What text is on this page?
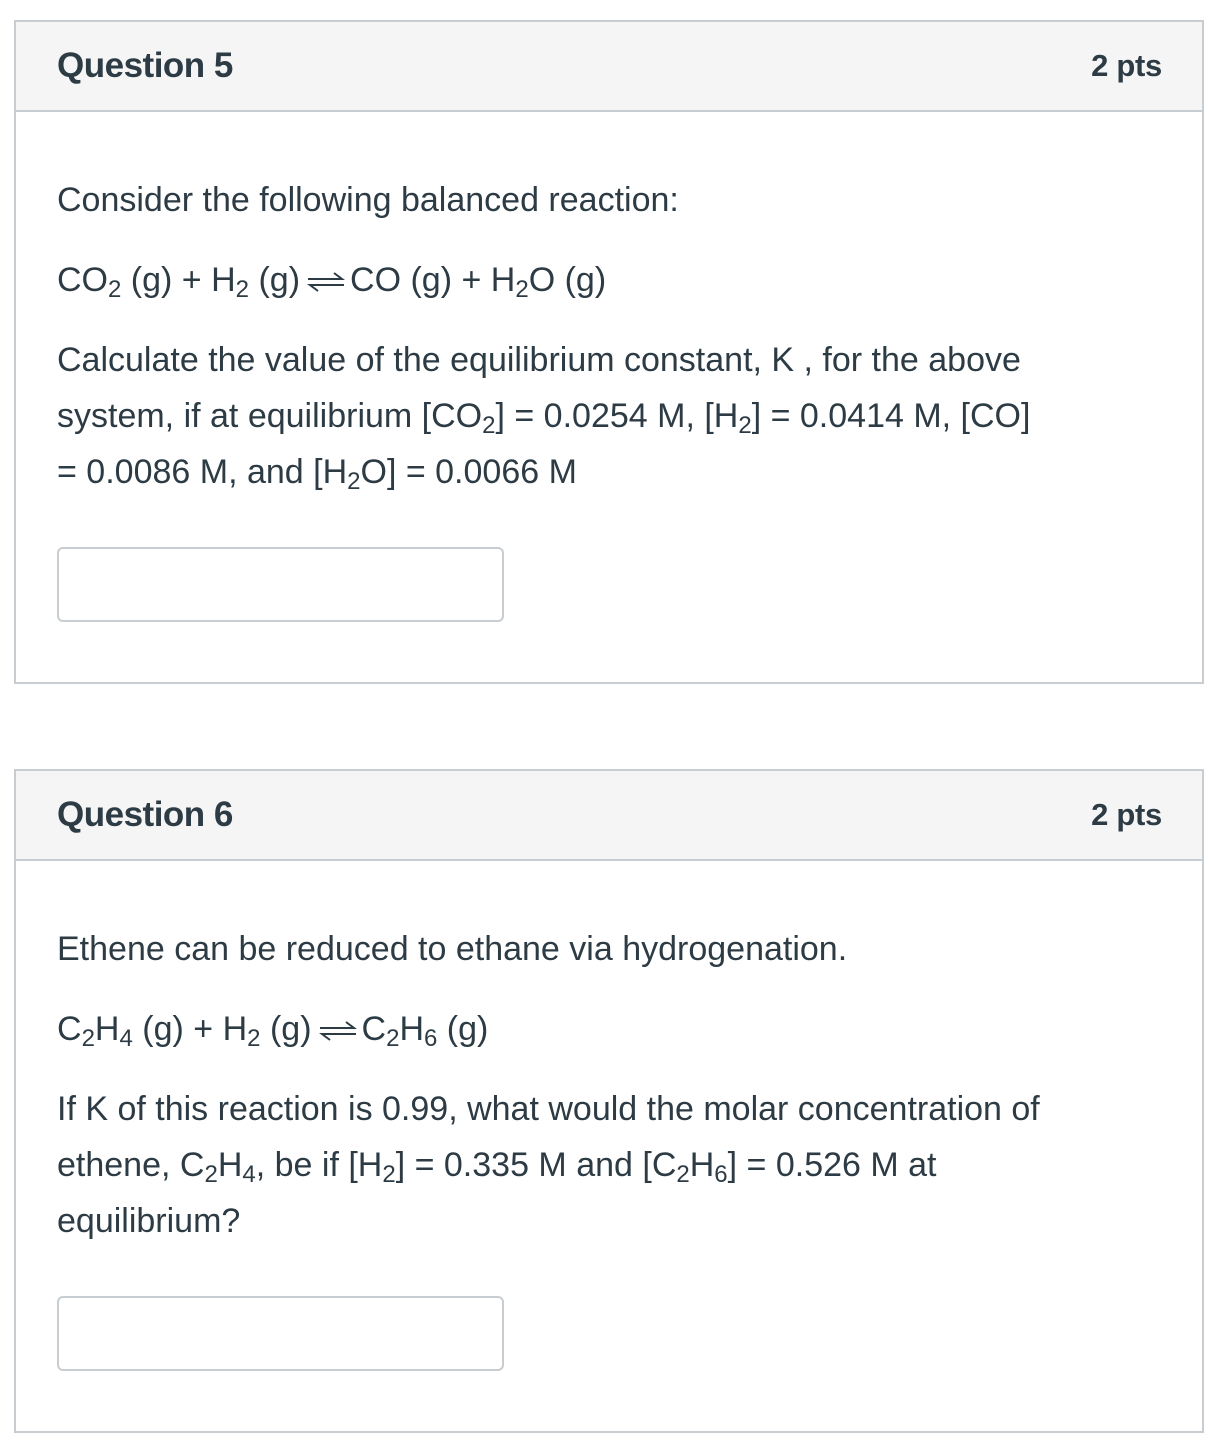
Question 5	2 pts
Consider the following balanced reaction:
$CO_2$ $(g) + H_2$ (g) ⇌ CO $(g) + H_2O$ (g)
Calculate the value of the equilibrium constant, K , for the above
system, if at equilibrium $[CO_2] = 0.0254$ M, $[H_2] = 0.0414$ M, [CO]
= 0.0086 M, and $[H_2O] = 0.0066$ M
Question 6	2 pts
Ethene can be reduced to ethane via hydrogenation.
$C_2H_4$ $(g) + H_2$ (g) ⇌ $C_2H_6$ (g)
If K of this reaction is 0.99, what would the molar concentration of
ethene, $C_2H_4$, be if $[H_2] = 0.335$ M and $[C_2H_6] = 0.526$ M at
equilibrium?
